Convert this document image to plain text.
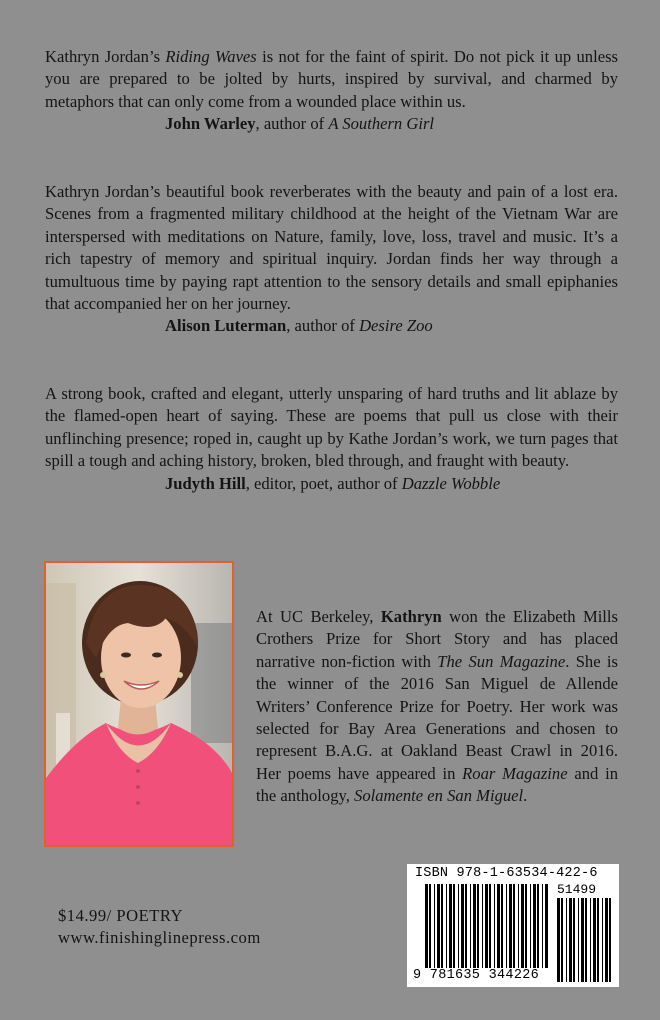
Kathryn Jordan’s Riding Waves is not for the faint of spirit. Do not pick it up unless you are prepared to be jolted by hurts, inspired by survival, and charmed by metaphors that can only come from a wounded place within us.

John Warley, author of A Southern Girl

Kathryn Jordan’s beautiful book reverberates with the beauty and pain of a lost era. Scenes from a fragmented military childhood at the height of the Vietnam War are interspersed with meditations on Nature, family, love, loss, travel and music. It’s a rich tapestry of memory and spiritual inquiry. Jordan finds her way through a tumultuous time by paying rapt attention to the sensory details and small epiphanies that accompanied her on her journey.

Alison Luterman, author of Desire Zoo

A strong book, crafted and elegant, utterly unsparing of hard truths and lit ablaze by the flamed-open heart of saying. These are poems that pull us close with their unflinching presence; roped in, caught up by Kathe Jordan’s work, we turn pages that spill a tough and aching history, broken, bled through, and fraught with beauty.

Judyth Hill, editor, poet, author of Dazzle Wobble

At UC Berkeley, Kathryn won the Elizabeth Mills Crothers Prize for Short Story and has placed narrative non-fiction with The Sun Magazine. She is the winner of the 2016 San Miguel de Allende Writers’ Conference Prize for Poetry. Her work was selected for Bay Area Generations and chosen to represent B.A.G. at Oakland Beast Crawl in 2016. Her poems have appeared in Roar Magazine and in the anthology, Solamente en San Miguel.
$14.99/ POETRY
www.finishinglinepress.com
ISBN 978-1-63534-422-6
51499
9 781635 344226
